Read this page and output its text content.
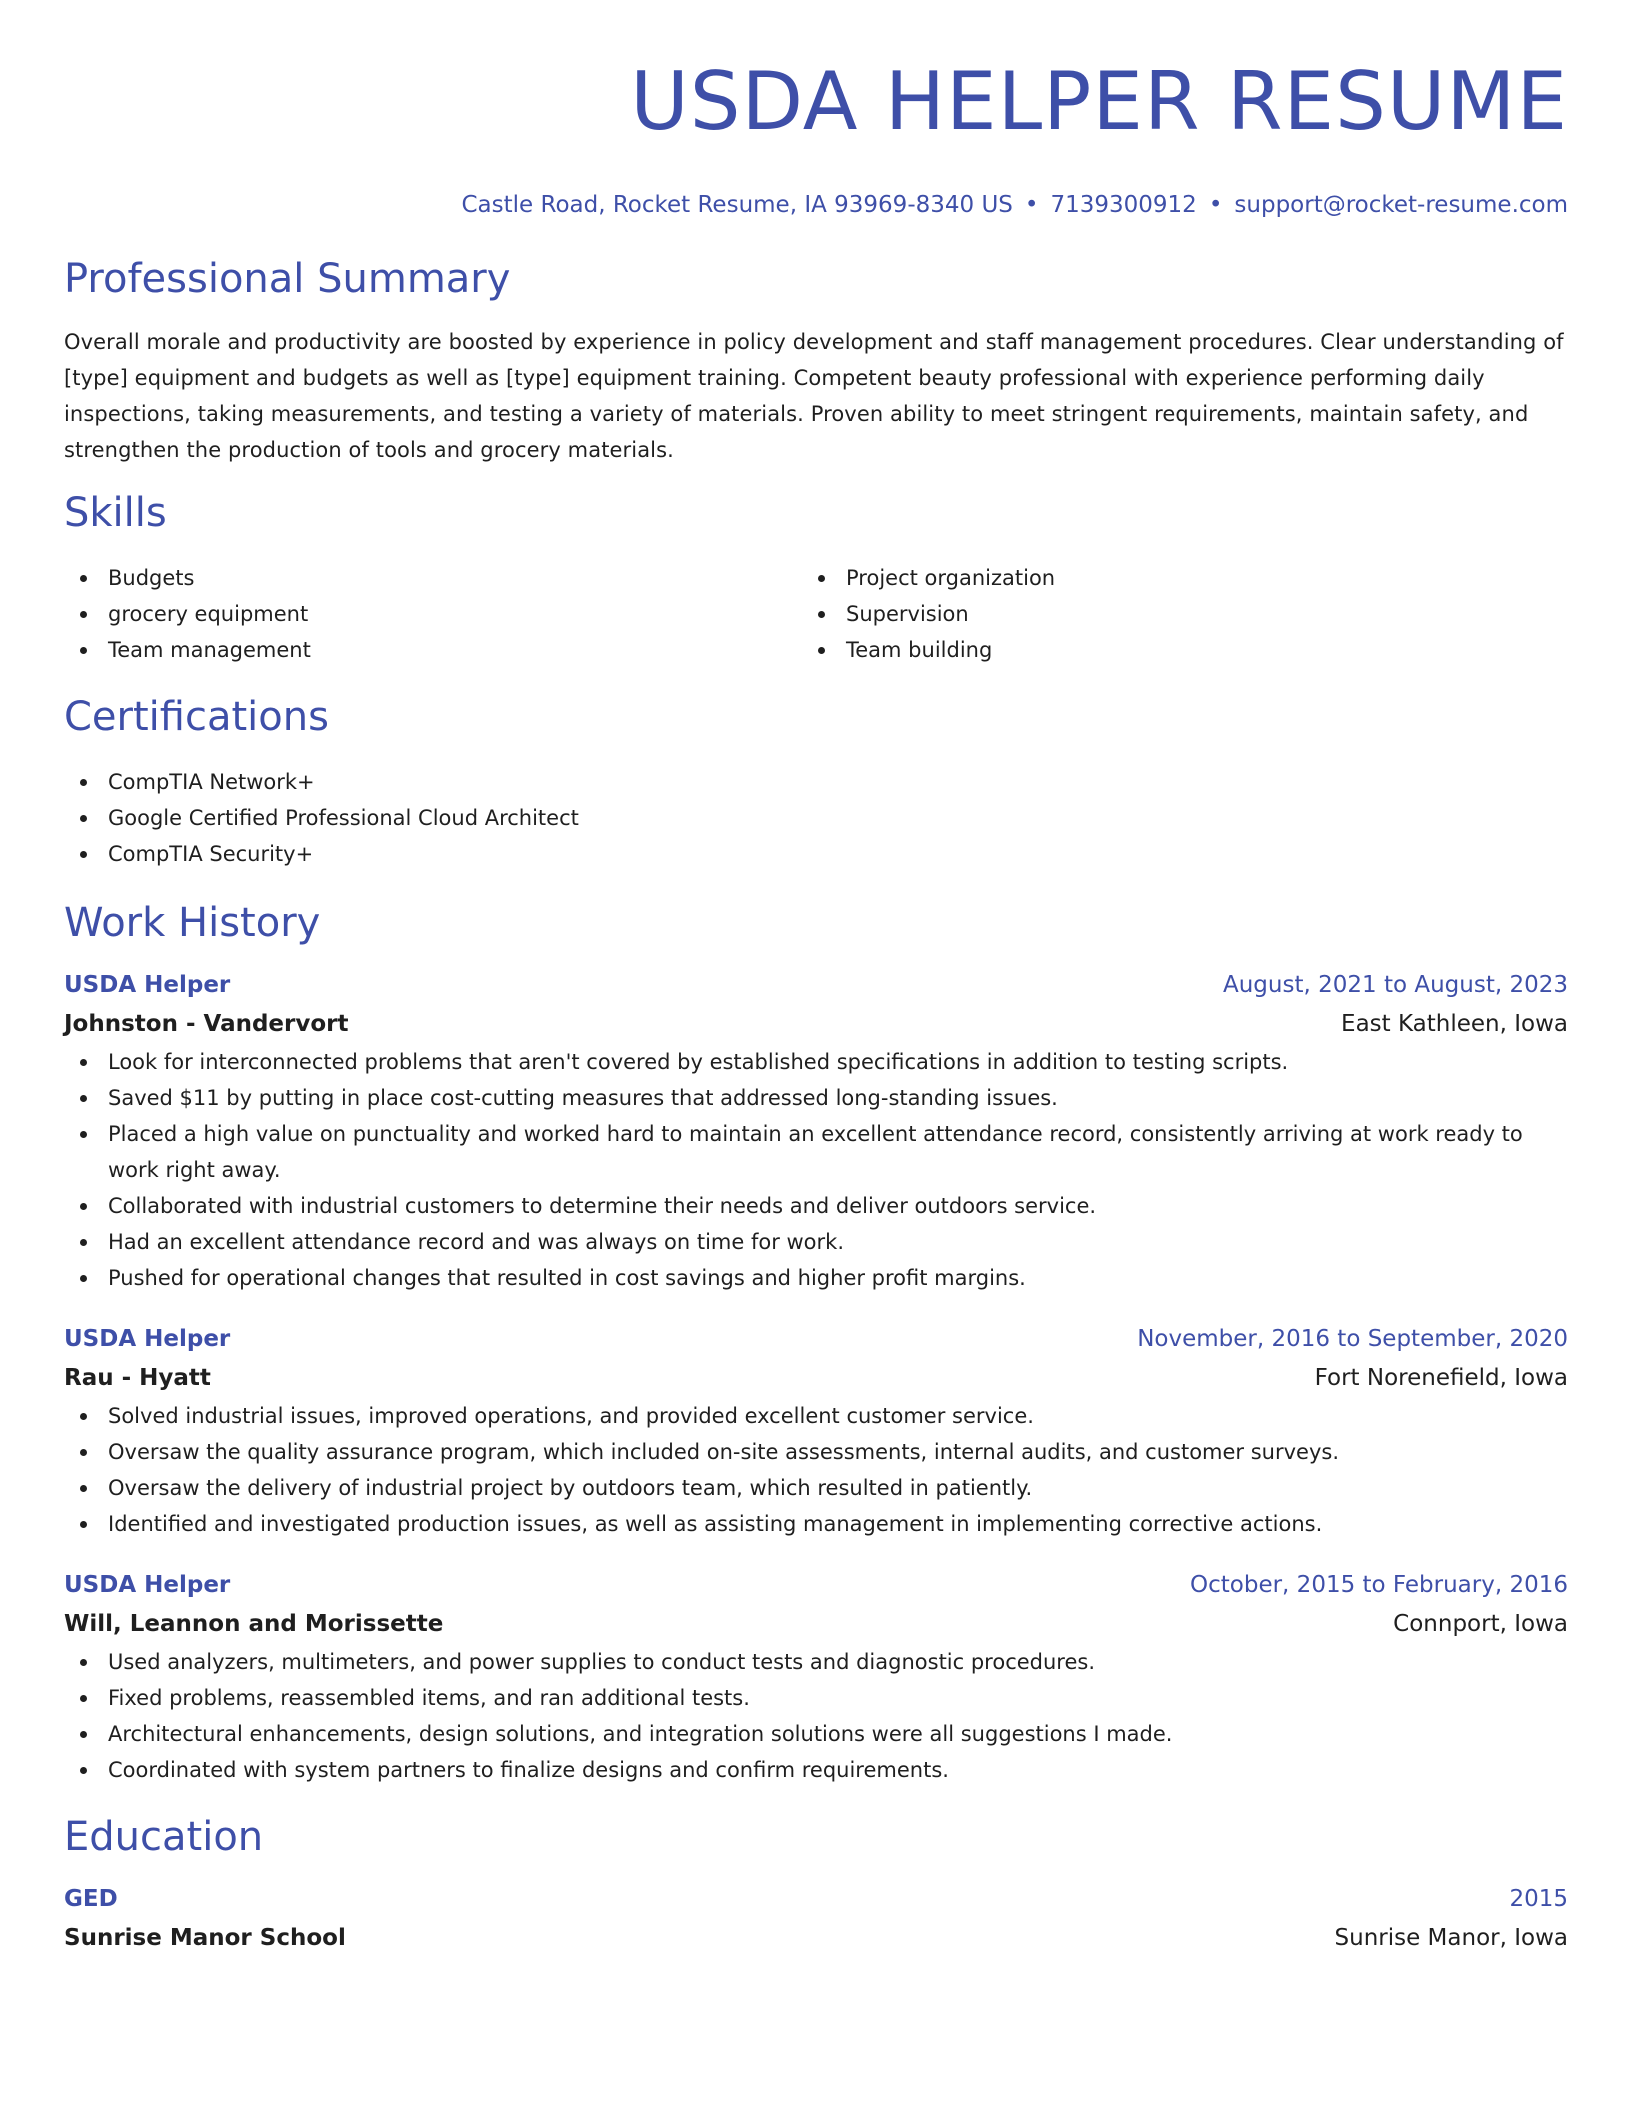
USDA HELPER RESUME
Castle Road, Rocket Resume, IA 93969-8340 US • 7139300912 • support@rocket-resume.com
Professional Summary

Overall morale and productivity are boosted by experience in policy development and staff management procedures. Clear understanding of [type] equipment and budgets as well as [type] equipment training. Competent beauty professional with experience performing daily inspections, taking measurements, and testing a variety of materials. Proven ability to meet stringent requirements, maintain safety, and strengthen the production of tools and grocery materials.

Skills
Budgets
grocery equipment
Team management
Project organization
Supervision
Team building
Certifications
CompTIA Network+
Google Certified Professional Cloud Architect
CompTIA Security+
Work History
USDA Helper	August, 2021 to August, 2023
Johnston - Vandervort	East Kathleen, Iowa
Look for interconnected problems that aren't covered by established specifications in addition to testing scripts.
Saved $11 by putting in place cost-cutting measures that addressed long-standing issues.
Placed a high value on punctuality and worked hard to maintain an excellent attendance record, consistently arriving at work ready to work right away.
Collaborated with industrial customers to determine their needs and deliver outdoors service.
Had an excellent attendance record and was always on time for work.
Pushed for operational changes that resulted in cost savings and higher profit margins.
USDA Helper	November, 2016 to September, 2020
Rau - Hyatt	Fort Norenefield, Iowa
Solved industrial issues, improved operations, and provided excellent customer service.
Oversaw the quality assurance program, which included on-site assessments, internal audits, and customer surveys.
Oversaw the delivery of industrial project by outdoors team, which resulted in patiently.
Identified and investigated production issues, as well as assisting management in implementing corrective actions.
USDA Helper	October, 2015 to February, 2016
Will, Leannon and Morissette	Connport, Iowa
Used analyzers, multimeters, and power supplies to conduct tests and diagnostic procedures.
Fixed problems, reassembled items, and ran additional tests.
Architectural enhancements, design solutions, and integration solutions were all suggestions I made.
Coordinated with system partners to finalize designs and confirm requirements.
Education
GED	2015
Sunrise Manor School	Sunrise Manor, Iowa
